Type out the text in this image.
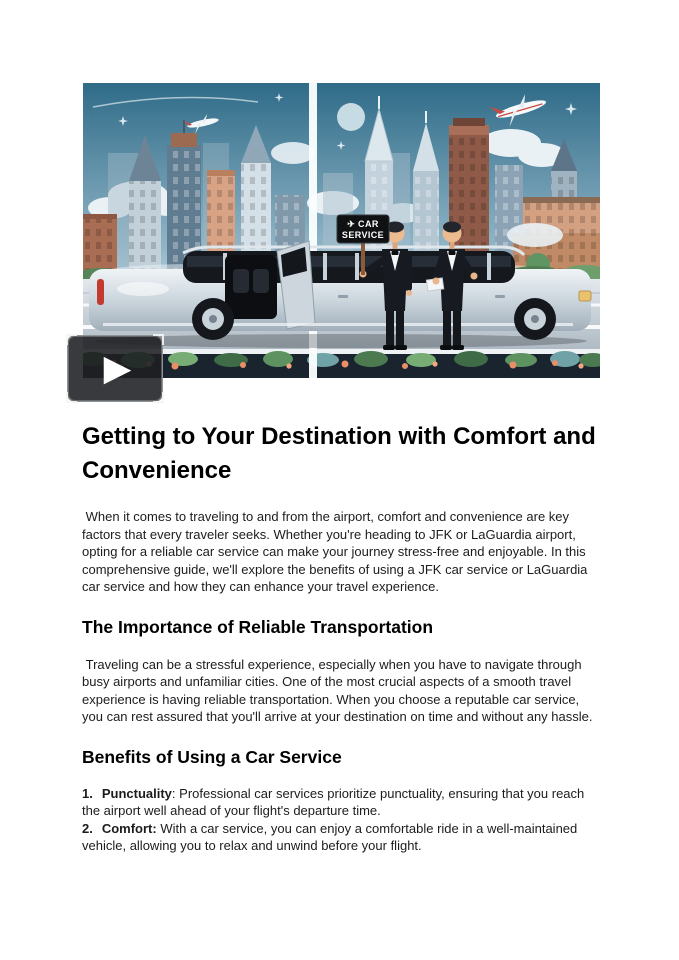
✈ CAR
SERVICE
▶
Getting to Your Destination with Comfort and Convenience

When it comes to traveling to and from the airport, comfort and convenience are key factors that every traveler seeks. Whether you're heading to JFK or LaGuardia airport, opting for a reliable car service can make your journey stress-free and enjoyable. In this comprehensive guide, we'll explore the benefits of using a JFK car service or LaGuardia car service and how they can enhance your travel experience.

The Importance of Reliable Transportation

Traveling can be a stressful experience, especially when you have to navigate through busy airports and unfamiliar cities. One of the most crucial aspects of a smooth travel experience is having reliable transportation. When you choose a reputable car service, you can rest assured that you'll arrive at your destination on time and without any hassle.

Benefits of Using a Car Service

1. Punctuality: Professional car services prioritize punctuality, ensuring that you reach the airport well ahead of your flight's departure time.

2. Comfort: With a car service, you can enjoy a comfortable ride in a well-maintained vehicle, allowing you to relax and unwind before your flight.
